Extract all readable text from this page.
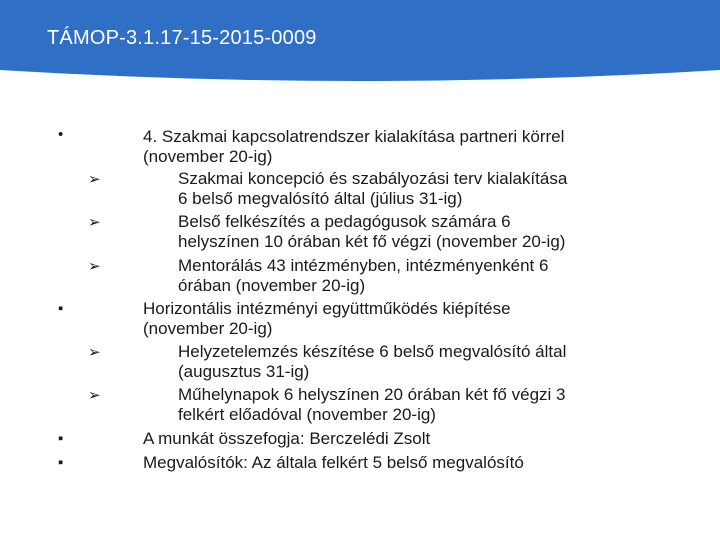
TÁMOP-3.1.17-15-2015-0009
•	4. Szakmai kapcsolatrendszer kialakítása partneri körrel
(november 20-ig)
➢	Szakmai koncepció és szabályozási terv kialakítása
6 belső megvalósító által (július 31-ig)
➢	Belső felkészítés a pedagógusok számára 6
helyszínen 10 órában két fő végzi (november 20-ig)
➢	Mentorálás 43 intézményben, intézményenként 6
órában (november 20-ig)
▪	Horizontális intézményi együttműködés kiépítése
(november 20-ig)
➢	Helyzetelemzés készítése 6 belső megvalósító által
(augusztus 31-ig)
➢	Műhelynapok 6 helyszínen 20 órában két fő végzi 3
felkért előadóval (november 20-ig)
▪	A munkát összefogja: Berczelédi Zsolt
▪	Megvalósítók: Az általa felkért 5 belső megvalósító
